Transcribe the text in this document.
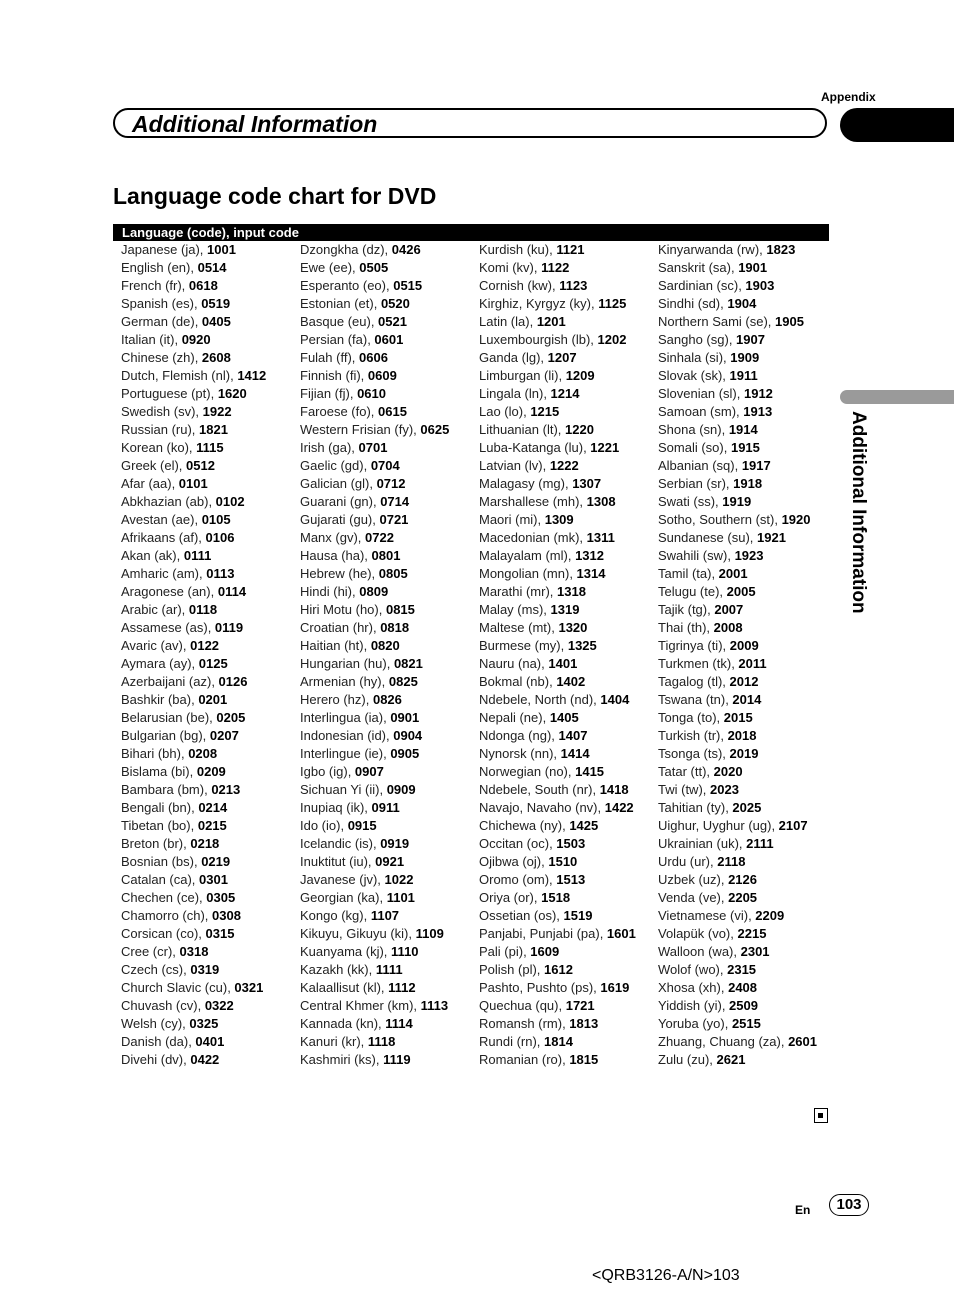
Appendix
Additional Information
Language code chart for DVD
Additional Information
Language (code), input code
Japanese (ja), 1001	Dzongkha (dz), 0426	Kurdish (ku), 1121	Kinyarwanda (rw), 1823
English (en), 0514	Ewe (ee), 0505	Komi (kv), 1122	Sanskrit (sa), 1901
French (fr), 0618	Esperanto (eo), 0515	Cornish (kw), 1123	Sardinian (sc), 1903
Spanish (es), 0519	Estonian (et), 0520	Kirghiz, Kyrgyz (ky), 1125 Sindhi (sd), 1904
German (de), 0405	Basque (eu), 0521	Latin (la), 1201	Northern Sami (se), 1905
Italian (it), 0920	Persian (fa), 0601	Luxembourgish (lb), 1202 Sangho (sg), 1907
Chinese (zh), 2608	Fulah (ff), 0606	Ganda (lg), 1207	Sinhala (si), 1909
Dutch, Flemish (nl), 1412	Finnish (fi), 0609	Limburgan (li), 1209	Slovak (sk), 1911
Portuguese (pt), 1620	Fijian (fj), 0610	Lingala (ln), 1214	Slovenian (sl), 1912
Swedish (sv), 1922	Faroese (fo), 0615	Lao (lo), 1215	Samoan (sm), 1913
Russian (ru), 1821	Western Frisian (fy), 0625 Lithuanian (lt), 1220	Shona (sn), 1914
Korean (ko), 1115	Irish (ga), 0701	Luba-Katanga (lu), 1221	Somali (so), 1915
Greek (el), 0512	Gaelic (gd), 0704	Latvian (lv), 1222	Albanian (sq), 1917
Afar (aa), 0101	Galician (gl), 0712	Malagasy (mg), 1307	Serbian (sr), 1918
Abkhazian (ab), 0102	Guarani (gn), 0714	Marshallese (mh), 1308	Swati (ss), 1919
Avestan (ae), 0105	Gujarati (gu), 0721	Maori (mi), 1309	Sotho, Southern (st), 1920
Afrikaans (af), 0106	Manx (gv), 0722	Macedonian (mk), 1311	Sundanese (su), 1921
Akan (ak), 0111	Hausa (ha), 0801	Malayalam (ml), 1312	Swahili (sw), 1923
Amharic (am), 0113	Hebrew (he), 0805	Mongolian (mn), 1314	Tamil (ta), 2001
Aragonese (an), 0114	Hindi (hi), 0809	Marathi (mr), 1318	Telugu (te), 2005
Arabic (ar), 0118	Hiri Motu (ho), 0815	Malay (ms), 1319	Tajik (tg), 2007
Assamese (as), 0119	Croatian (hr), 0818	Maltese (mt), 1320	Thai (th), 2008
Avaric (av), 0122	Haitian (ht), 0820	Burmese (my), 1325	Tigrinya (ti), 2009
Aymara (ay), 0125	Hungarian (hu), 0821	Nauru (na), 1401	Turkmen (tk), 2011
Azerbaijani (az), 0126	Armenian (hy), 0825	Bokmal (nb), 1402	Tagalog (tl), 2012
Bashkir (ba), 0201	Herero (hz), 0826	Ndebele, North (nd), 1404 Tswana (tn), 2014
Belarusian (be), 0205	Interlingua (ia), 0901	Nepali (ne), 1405	Tonga (to), 2015
Bulgarian (bg), 0207	Indonesian (id), 0904	Ndonga (ng), 1407	Turkish (tr), 2018
Bihari (bh), 0208	Interlingue (ie), 0905	Nynorsk (nn), 1414	Tsonga (ts), 2019
Bislama (bi), 0209	Igbo (ig), 0907	Norwegian (no), 1415	Tatar (tt), 2020
Bambara (bm), 0213	Sichuan Yi (ii), 0909	Ndebele, South (nr), 1418 Twi (tw), 2023
Bengali (bn), 0214	Inupiaq (ik), 0911	Navajo, Navaho (nv), 1422 Tahitian (ty), 2025
Tibetan (bo), 0215	Ido (io), 0915	Chichewa (ny), 1425	Uighur, Uyghur (ug), 2107
Breton (br), 0218	Icelandic (is), 0919	Occitan (oc), 1503	Ukrainian (uk), 2111
Bosnian (bs), 0219	Inuktitut (iu), 0921	Ojibwa (oj), 1510	Urdu (ur), 2118
Catalan (ca), 0301	Javanese (jv), 1022	Oromo (om), 1513	Uzbek (uz), 2126
Chechen (ce), 0305	Georgian (ka), 1101	Oriya (or), 1518	Venda (ve), 2205
Chamorro (ch), 0308	Kongo (kg), 1107	Ossetian (os), 1519	Vietnamese (vi), 2209
Corsican (co), 0315	Kikuyu, Gikuyu (ki), 1109	Panjabi, Punjabi (pa), 1601 Volapük (vo), 2215
Cree (cr), 0318	Kuanyama (kj), 1110	Pali (pi), 1609	Walloon (wa), 2301
Czech (cs), 0319	Kazakh (kk), 1111	Polish (pl), 1612	Wolof (wo), 2315
Church Slavic (cu), 0321	Kalaallisut (kl), 1112	Pashto, Pushto (ps), 1619 Xhosa (xh), 2408
Chuvash (cv), 0322	Central Khmer (km), 1113 Quechua (qu), 1721	Yiddish (yi), 2509
Welsh (cy), 0325	Kannada (kn), 1114	Romansh (rm), 1813	Yoruba (yo), 2515
Danish (da), 0401	Kanuri (kr), 1118	Rundi (rn), 1814	Zhuang, Chuang (za), 2601
Divehi (dv), 0422	Kashmiri (ks), 1119	Romanian (ro), 1815	Zulu (zu), 2621
En	103
<QRB3126-A/N>103
